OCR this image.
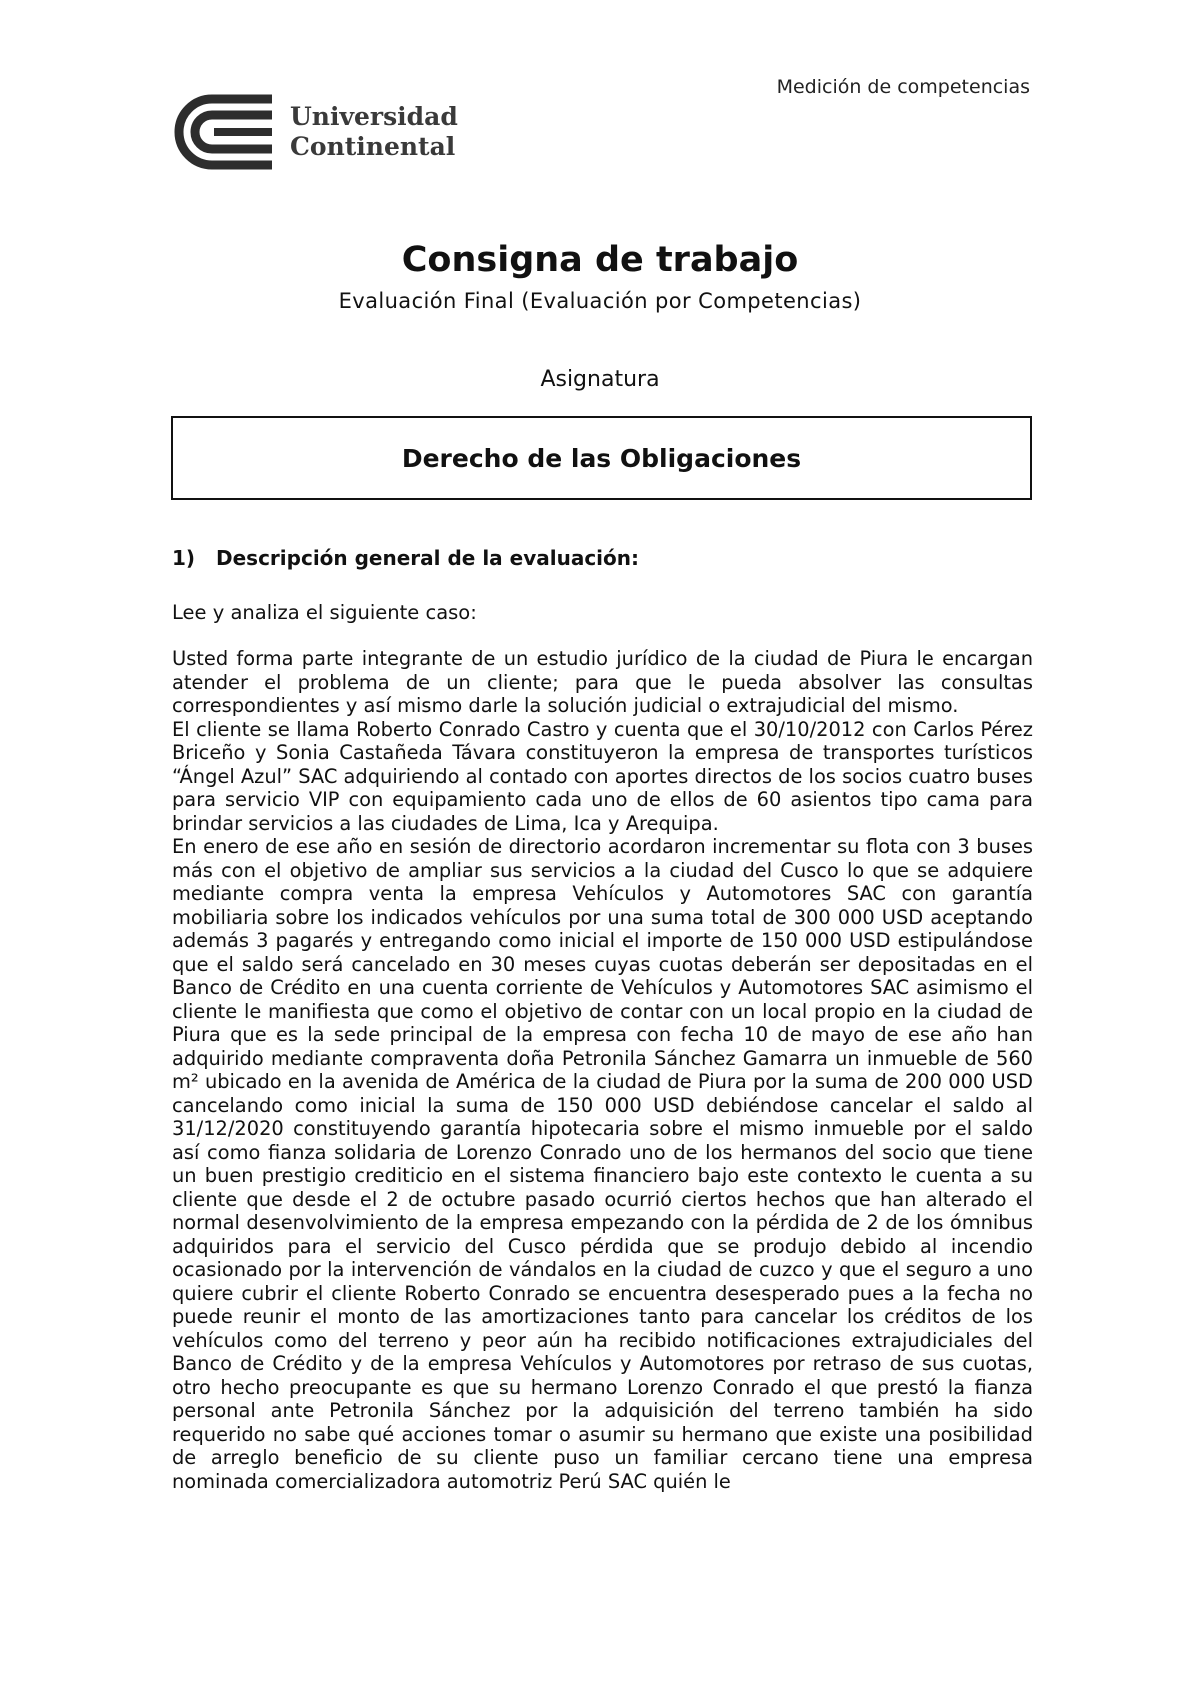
Medición de competencias
Universidad
Continental
Consigna de trabajo
Evaluación Final (Evaluación por Competencias)
Asignatura
Derecho de las Obligaciones
1) Descripción general de la evaluación:
Lee y analiza el siguiente caso:

Usted forma parte integrante de un estudio jurídico de la ciudad de Piura le encargan atender el problema de un cliente; para que le pueda absolver las consultas correspondientes y así mismo darle la solución judicial o extrajudicial del mismo.

El cliente se llama Roberto Conrado Castro y cuenta que el 30/10/2012 con Carlos Pérez Briceño y Sonia Castañeda Távara constituyeron la empresa de transportes turísticos “Ángel Azul” SAC adquiriendo al contado con aportes directos de los socios cuatro buses para servicio VIP con equipamiento cada uno de ellos de 60 asientos tipo cama para brindar servicios a las ciudades de Lima, Ica y Arequipa.

En enero de ese año en sesión de directorio acordaron incrementar su flota con 3 buses más con el objetivo de ampliar sus servicios a la ciudad del Cusco lo que se adquiere mediante compra venta la empresa Vehículos y Automotores SAC con garantía mobiliaria sobre los indicados vehículos por una suma total de 300 000 USD aceptando además 3 pagarés y entregando como inicial el importe de 150 000 USD estipulándose que el saldo será cancelado en 30 meses cuyas cuotas deberán ser depositadas en el Banco de Crédito en una cuenta corriente de Vehículos y Automotores SAC asimismo el cliente le manifiesta que como el objetivo de contar con un local propio en la ciudad de Piura que es la sede principal de la empresa con fecha 10 de mayo de ese año han adquirido mediante compraventa doña Petronila Sánchez Gamarra un inmueble de 560 m² ubicado en la avenida de América de la ciudad de Piura por la suma de 200 000 USD cancelando como inicial la suma de 150 000 USD debiéndose cancelar el saldo al 31/12/2020 constituyendo garantía hipotecaria sobre el mismo inmueble por el saldo así como fianza solidaria de Lorenzo Conrado uno de los hermanos del socio que tiene un buen prestigio crediticio en el sistema financiero bajo este contexto le cuenta a su cliente que desde el 2 de octubre pasado ocurrió ciertos hechos que han alterado el normal desenvolvimiento de la empresa empezando con la pérdida de 2 de los ómnibus adquiridos para el servicio del Cusco pérdida que se produjo debido al incendio ocasionado por la intervención de vándalos en la ciudad de cuzco y que el seguro a uno quiere cubrir el cliente Roberto Conrado se encuentra desesperado pues a la fecha no puede reunir el monto de las amortizaciones tanto para cancelar los créditos de los vehículos como del terreno y peor aún ha recibido notificaciones extrajudiciales del Banco de Crédito y de la empresa Vehículos y Automotores por retraso de sus cuotas, otro hecho preocupante es que su hermano Lorenzo Conrado el que prestó la fianza personal ante Petronila Sánchez por la adquisición del terreno también ha sido requerido no sabe qué acciones tomar o asumir su hermano que existe una posibilidad de arreglo beneficio de su cliente puso un familiar cercano tiene una empresa nominada comercializadora automotriz Perú SAC quién le
